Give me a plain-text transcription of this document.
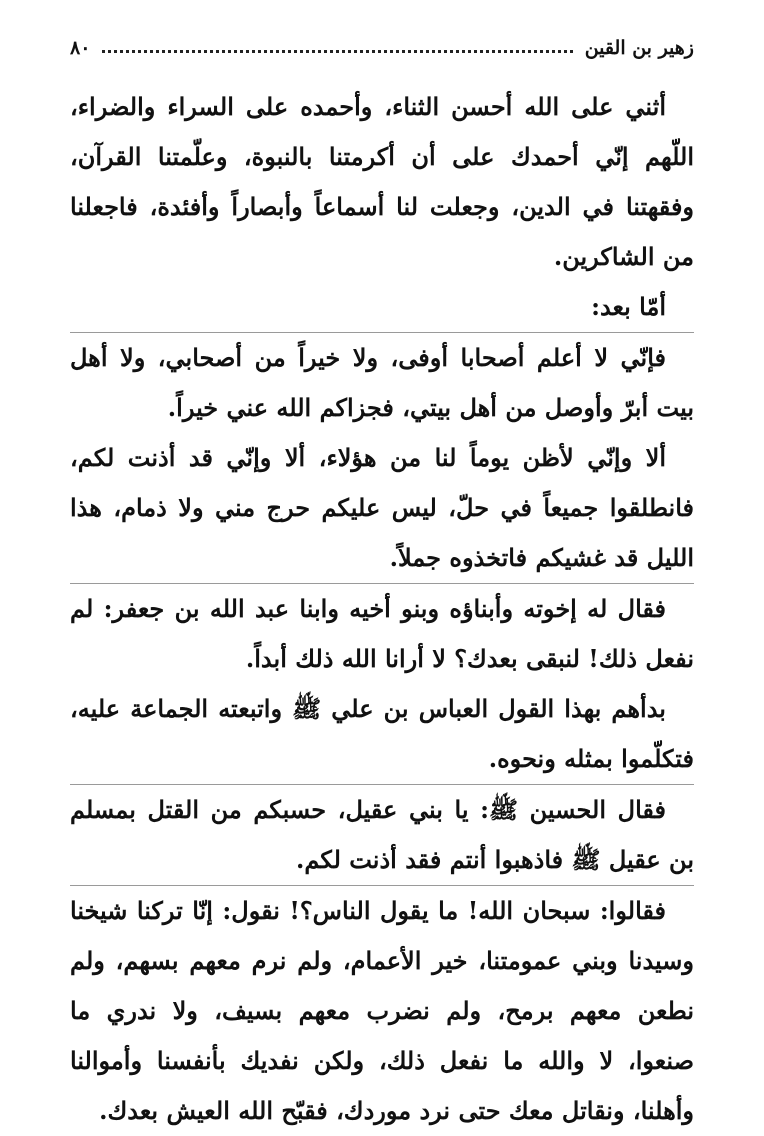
زهير بن القين
٨٠

أثني على الله أحسن الثناء، وأحمده على السراء والضراء، اللّهم إنّي أحمدك على أن أكرمتنا بالنبوة، وعلّمتنا القرآن، وفقهتنا في الدين، وجعلت لنا أسماعاً وأبصاراً وأفئدة، فاجعلنا من الشاكرين.

أمّا بعد:

فإنّي لا أعلم أصحابا أوفى، ولا خيراً من أصحابي، ولا أهل بيت أبرّ وأوصل من أهل بيتي، فجزاكم الله عني خيراً.

ألا وإنّي لأظن يوماً لنا من هؤلاء، ألا وإنّي قد أذنت لكم، فانطلقوا جميعاً في حلّ، ليس عليكم حرج مني ولا ذمام، هذا الليل قد غشيكم فاتخذوه جملاً.

فقال له إخوته وأبناؤه وبنو أخيه وابنا عبد الله بن جعفر: لم نفعل ذلك! لنبقى بعدك؟ لا أرانا الله ذلك أبداً.

بدأهم بهذا القول العباس بن علي ﷺ واتبعته الجماعة عليه، فتكلّموا بمثله ونحوه.

فقال الحسين ﷺ: يا بني عقيل، حسبكم من القتل بمسلم بن عقيل ﷺ فاذهبوا أنتم فقد أذنت لكم.

فقالوا: سبحان الله! ما يقول الناس؟! نقول: إنّا تركنا شيخنا وسيدنا وبني عمومتنا، خير الأعمام، ولم نرم معهم بسهم، ولم نطعن معهم برمح، ولم نضرب معهم بسيف، ولا ندري ما صنعوا، لا والله ما نفعل ذلك، ولكن نفديك بأنفسنا وأموالنا وأهلنا، ونقاتل معك حتى نرد موردك، فقبّح الله العيش بعدك.
